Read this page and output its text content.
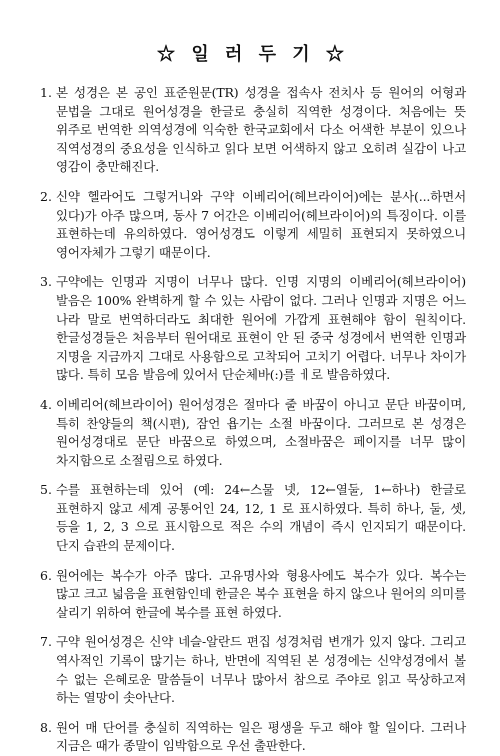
☆ 일 러 두 기 ☆
1. 본 성경은 본 공인 표준원문(TR) 성경을 접속사 전치사 등 원어의 어형과 문법을 그대로 원어성경을 한글로 충실히 직역한 성경이다. 처음에는 뜻 위주로 번역한 의역성경에 익숙한 한국교회에서 다소 어색한 부분이 있으나 직역성경의 중요성을 인식하고 읽다 보면 어색하지 않고 오히려 실감이 나고 영감이 충만해진다.
2. 신약 헬라어도 그렇거니와 구약 이베리어(헤브라이어)에는 분사(...하면서 있다)가 아주 많으며, 동사 7 어간은 이베리어(헤브라이어)의 특징이다. 이를 표현하는데 유의하였다. 영어성경도 이렇게 세밀히 표현되지 못하였으니 영어자체가 그렇기 때문이다.
3. 구약에는 인명과 지명이 너무나 많다. 인명 지명의 이베리어(헤브라이어) 발음은 100% 완벽하게 할 수 있는 사람이 없다. 그러나 인명과 지명은 어느 나라 말로 번역하더라도 최대한 원어에 가깝게 표현해야 함이 원칙이다. 한글성경들은 처음부터 원어대로 표현이 안 된 중국 성경에서 번역한 인명과 지명을 지금까지 그대로 사용함으로 고착되어 고치기 어렵다. 너무나 차이가 많다. 특히 모음 발음에 있어서 단순체바(:)를 ㅔ로 발음하였다.
4. 이베리어(헤브라이어) 원어성경은 절마다 줄 바꿈이 아니고 문단 바꿈이며, 특히 찬양들의 책(시편), 잠언 욥기는 소절 바꿈이다. 그러므로 본 성경은 원어성경대로 문단 바꿈으로 하였으며, 소절바꿈은 페이지를 너무 많이 차지함으로 소절림으로 하였다.
5. 수를 표현하는데 있어 (예: 24←스물 넷, 12←열둘, 1←하나) 한글로 표현하지 않고 세계 공통어인 24, 12, 1 로 표시하였다. 특히 하나, 둘, 셋, 등을 1, 2, 3 으로 표시함으로 적은 수의 개념이 즉시 인지되기 때문이다. 단지 습관의 문제이다.
6. 원어에는 복수가 아주 많다. 고유명사와 형용사에도 복수가 있다. 복수는 많고 크고 넓음을 표현함인데 한글은 복수 표현을 하지 않으나 원어의 의미를 살리기 위하여 한글에 복수를 표현 하였다.
7. 구약 원어성경은 신약 네슬-알란드 편집 성경처럼 변개가 있지 않다. 그리고 역사적인 기록이 많기는 하나, 반면에 직역된 본 성경에는 신약성경에서 볼 수 없는 은혜로운 말씀들이 너무나 많아서 참으로 주야로 읽고 묵상하고져 하는 열망이 솟아난다.
8. 원어 매 단어를 충실히 직역하는 일은 평생을 두고 해야 할 일이다. 그러나 지금은 때가 종말이 임박함으로 우선 출판한다.
